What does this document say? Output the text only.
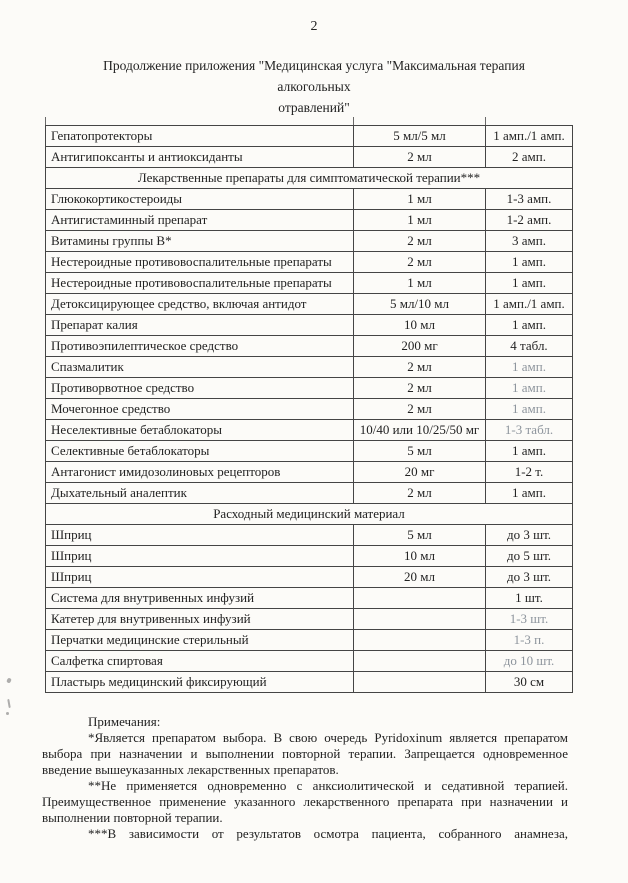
2
Продолжение приложения "Медицинская услуга "Максимальная терапия алкогольных
отравлений"
Гепатопротекторы	5 мл/5 мл	1 амп./1 амп.
Антигипоксанты и антиоксиданты	2 мл	2 амп.
Лекарственные препараты для симптоматической терапии***		
Глюкокортикостероиды	1 мл	1-3 амп.
Антигистаминный препарат	1 мл	1-2 амп.
Витамины группы В*	2 мл	3 амп.
Нестероидные противовоспалительные препараты	2 мл	1 амп.
Нестероидные противовоспалительные препараты	1 мл	1 амп.
Детоксицирующее средство, включая антидот	5 мл/10 мл	1 амп./1 амп.
Препарат калия	10 мл	1 амп.
Противоэпилептическое средство	200 мг	4 табл.
Спазмалитик	2 мл	1 амп.
Противорвотное средство	2 мл	1 амп.
Мочегонное средство	2 мл	1 амп.
Неселективные бетаблокаторы	10/40 или 10/25/50 мг	1-3 табл.
Селективные бетаблокаторы	5 мл	1 амп.
Антагонист имидозолиновых рецепторов	20 мг	1-2 т.
Дыхательный аналептик	2 мл	1 амп.
Расходный медицинский материал		
Шприц	5 мл	до 3 шт.
Шприц	10 мл	до 5 шт.
Шприц	20 мл	до 3 шт.
Система для внутривенных инфузий		1 шт.
Катетер для внутривенных инфузий		1-3 шт.
Перчатки медицинские стерильный		1-3 п.
Салфетка спиртовая		до 10 шт.
Пластырь медицинский фиксирующий		30 см
Примечания:
*Является препаратом выбора. В свою очередь Pyridoxinum является препаратом
выбора при назначении и выполнении повторной терапии. Запрещается одновременное
введение вышеуказанных лекарственных препаратов.
**Не применяется одновременно с анксиолитической и седативной терапией.
Преимущественное применение указанного лекарственного препарата при назначении и
выполнении повторной терапии.
***В зависимости от результатов осмотра пациента, собранного анамнеза,
